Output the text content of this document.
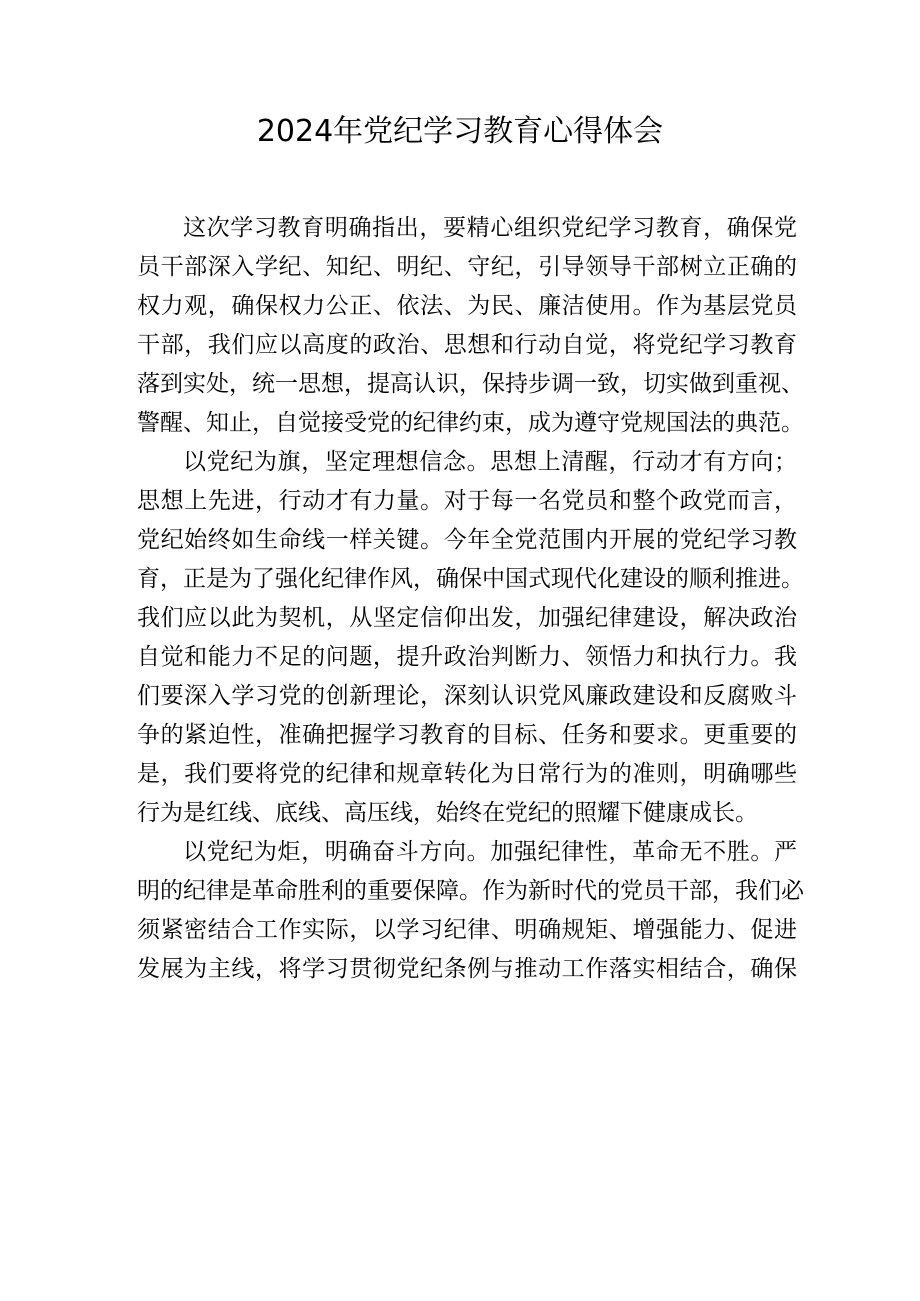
2024年党纪学习教育心得体会
这次学习教育明确指出，要精心组织党纪学习教育，确保党
员干部深入学纪、知纪、明纪、守纪，引导领导干部树立正确的
权力观，确保权力公正、依法、为民、廉洁使用。作为基层党员
干部，我们应以高度的政治、思想和行动自觉，将党纪学习教育
落到实处，统一思想，提高认识，保持步调一致，切实做到重视、
警醒、知止，自觉接受党的纪律约束，成为遵守党规国法的典范。
以党纪为旗，坚定理想信念。思想上清醒，行动才有方向；
思想上先进，行动才有力量。对于每一名党员和整个政党而言，
党纪始终如生命线一样关键。今年全党范围内开展的党纪学习教
育，正是为了强化纪律作风，确保中国式现代化建设的顺利推进。
我们应以此为契机，从坚定信仰出发，加强纪律建设，解决政治
自觉和能力不足的问题，提升政治判断力、领悟力和执行力。我
们要深入学习党的创新理论，深刻认识党风廉政建设和反腐败斗
争的紧迫性，准确把握学习教育的目标、任务和要求。更重要的
是，我们要将党的纪律和规章转化为日常行为的准则，明确哪些
行为是红线、底线、高压线，始终在党纪的照耀下健康成长。
以党纪为炬，明确奋斗方向。加强纪律性，革命无不胜。严
明的纪律是革命胜利的重要保障。作为新时代的党员干部，我们必
须紧密结合工作实际，以学习纪律、明确规矩、增强能力、促进
发展为主线，将学习贯彻党纪条例与推动工作落实相结合，确保
